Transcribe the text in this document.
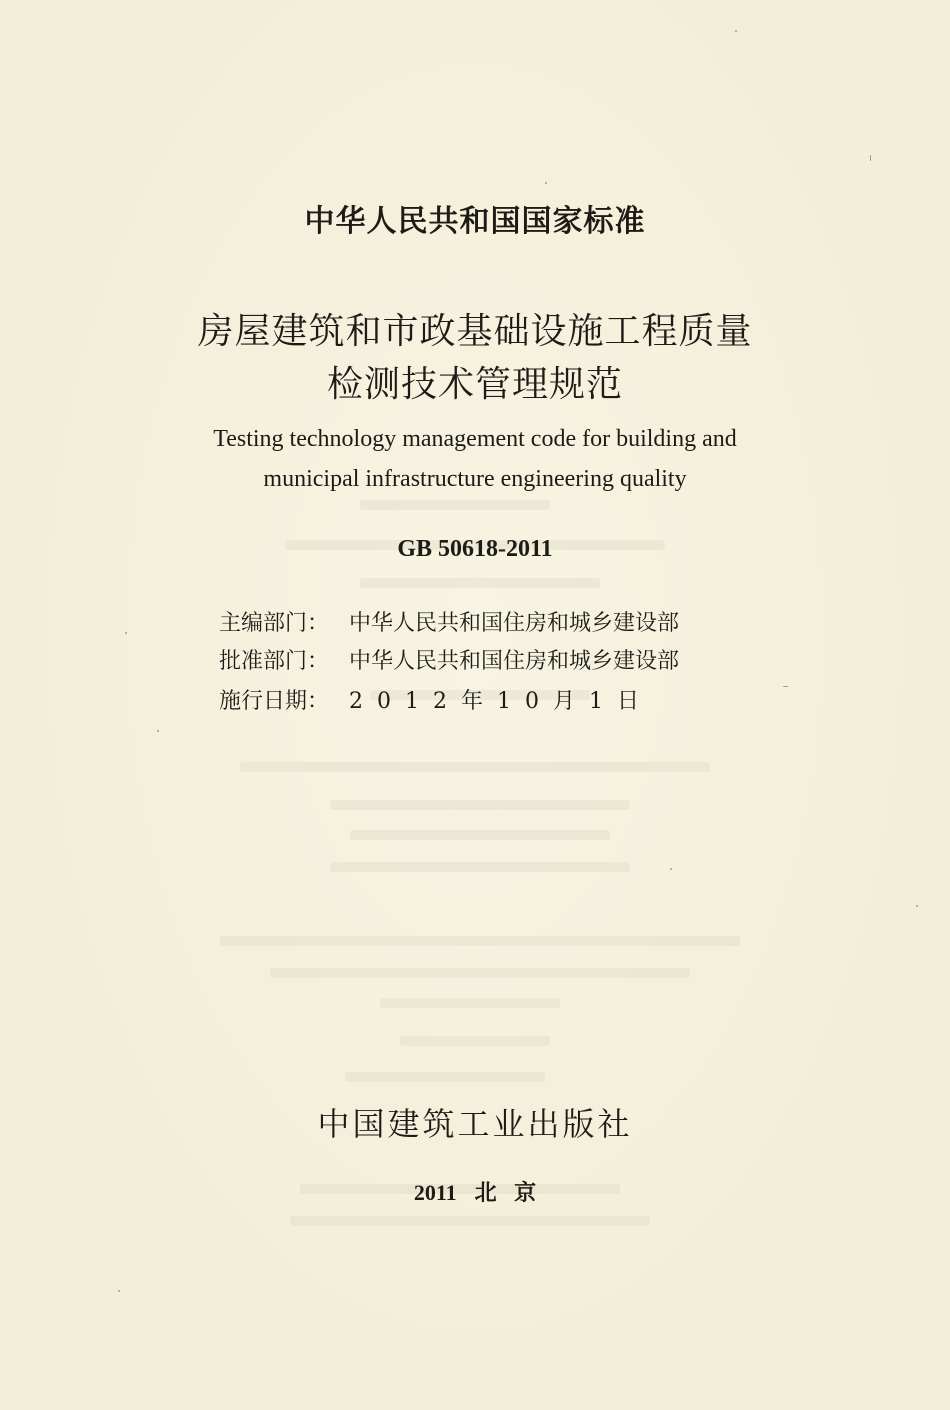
中华人民共和国国家标准
房屋建筑和市政基础设施工程质量
检测技术管理规范
Testing technology management code for building and
municipal infrastructure engineering quality
GB 50618-2011
主编部门： 中华人民共和国住房和城乡建设部
批准部门： 中华人民共和国住房和城乡建设部
施行日期： 2012年10月1日
中国建筑工业出版社
2011 北 京
